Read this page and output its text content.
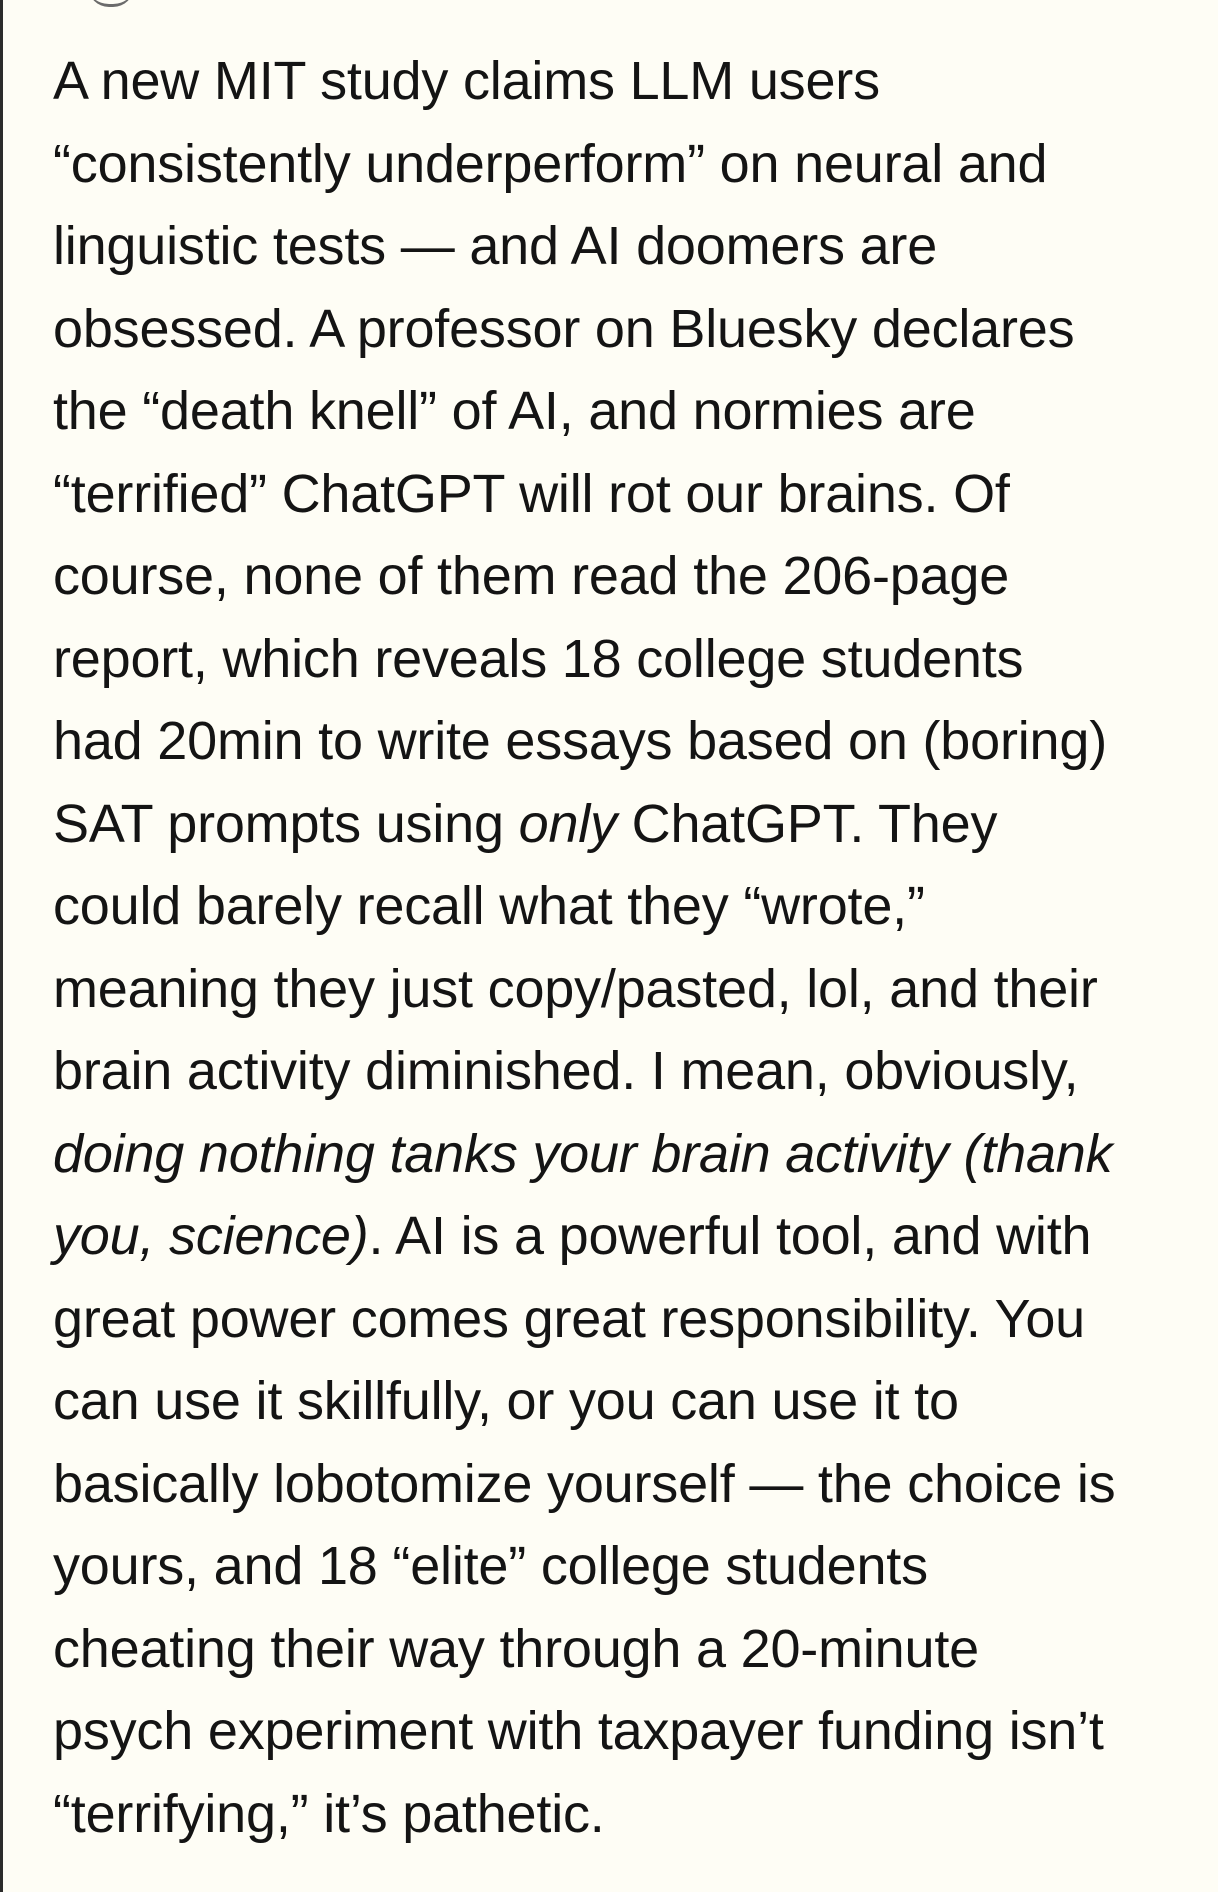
A new MIT study claims LLM users
“consistently underperform” on neural and
linguistic tests — and AI doomers are
obsessed. A professor on Bluesky declares
the “death knell” of AI, and normies are
“terrified” ChatGPT will rot our brains. Of
course, none of them read the 206-page
report, which reveals 18 college students
had 20min to write essays based on (boring)
SAT prompts using only ChatGPT. They
could barely recall what they “wrote,”
meaning they just copy/pasted, lol, and their
brain activity diminished. I mean, obviously,
doing nothing tanks your brain activity (thank
you, science). AI is a powerful tool, and with
great power comes great responsibility. You
can use it skillfully, or you can use it to
basically lobotomize yourself — the choice is
yours, and 18 “elite” college students
cheating their way through a 20-minute
psych experiment with taxpayer funding isn’t
“terrifying,” it’s pathetic.
